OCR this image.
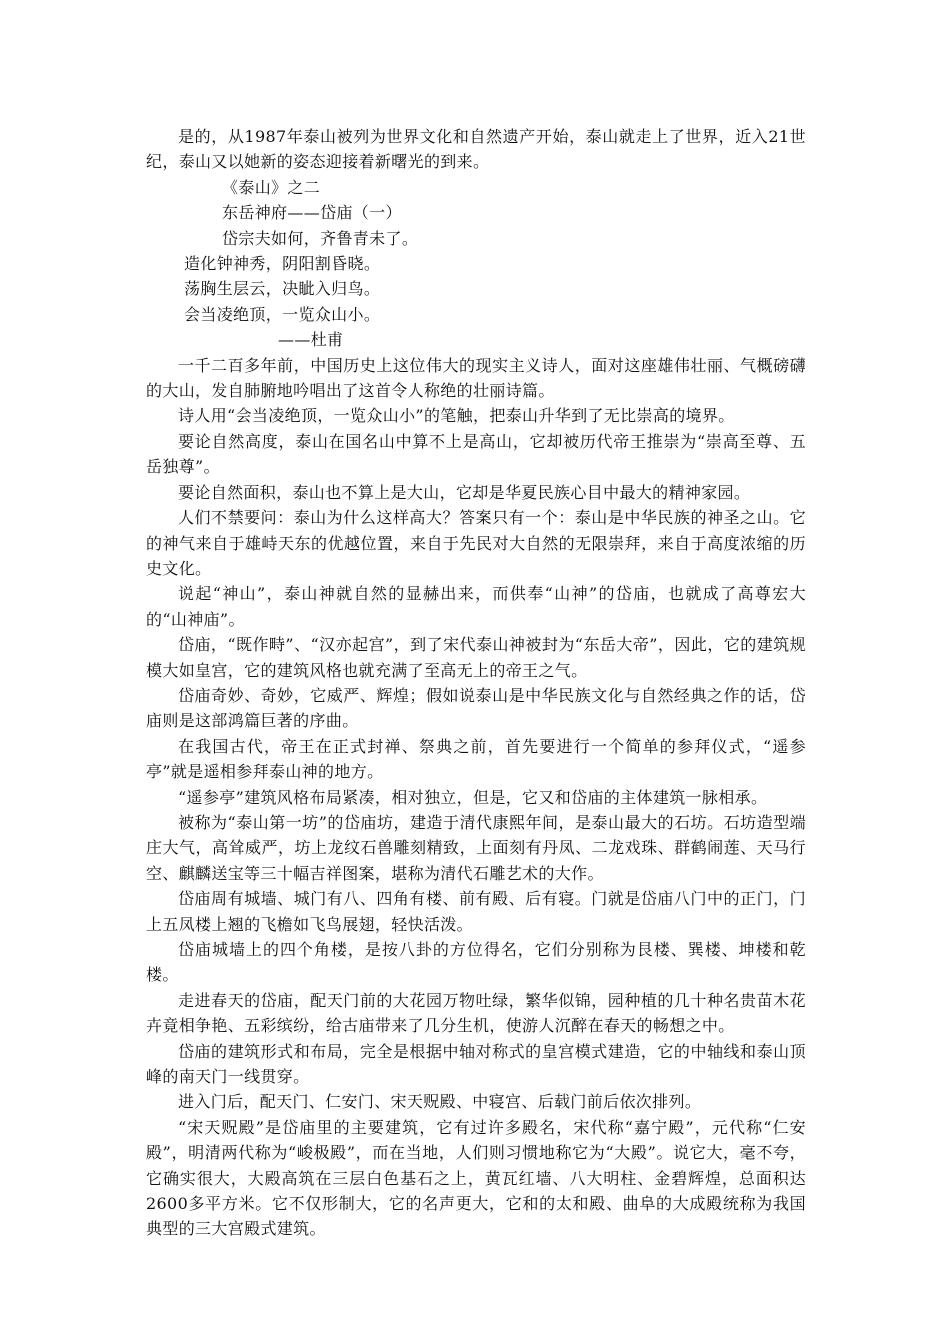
是的，从1987年泰山被列为世界文化和自然遗产开始，泰山就走上了世界，近入21世纪，泰山又以她新的姿态迎接着新曙光的到来。

《泰山》之二

东岳神府——岱庙（一）

岱宗夫如何，齐鲁青未了。

造化钟神秀，阴阳割昏晓。

荡胸生层云，决眦入归鸟。

会当凌绝顶，一览众山小。

——杜甫

一千二百多年前，中国历史上这位伟大的现实主义诗人，面对这座雄伟壮丽、气概磅礴的大山，发自肺腑地吟唱出了这首令人称绝的壮丽诗篇。

诗人用“会当凌绝顶，一览众山小”的笔触，把泰山升华到了无比崇高的境界。

要论自然高度，泰山在国名山中算不上是高山，它却被历代帝王推崇为“崇高至尊、五岳独尊”。

要论自然面积，泰山也不算上是大山，它却是华夏民族心目中最大的精神家园。

人们不禁要问：泰山为什么这样高大？答案只有一个：泰山是中华民族的神圣之山。它的神气来自于雄峙天东的优越位置，来自于先民对大自然的无限崇拜，来自于高度浓缩的历史文化。

说起“神山”，泰山神就自然的显赫出来，而供奉“山神”的岱庙，也就成了高尊宏大的“山神庙”。

岱庙，“既作畤”、“汉亦起宫”，到了宋代泰山神被封为“东岳大帝”，因此，它的建筑规模大如皇宫，它的建筑风格也就充满了至高无上的帝王之气。

岱庙奇妙、奇妙，它威严、辉煌；假如说泰山是中华民族文化与自然经典之作的话，岱庙则是这部鸿篇巨著的序曲。

在我国古代，帝王在正式封禅、祭典之前，首先要进行一个简单的参拜仪式，“遥参亭”就是遥相参拜泰山神的地方。

“遥参亭”建筑风格布局紧凑，相对独立，但是，它又和岱庙的主体建筑一脉相承。

被称为“泰山第一坊”的岱庙坊，建造于清代康熙年间，是泰山最大的石坊。石坊造型端庄大气，高耸威严，坊上龙纹石兽雕刻精致，上面刻有丹凤、二龙戏珠、群鹤闹莲、天马行空、麒麟送宝等三十幅吉祥图案，堪称为清代石雕艺术的大作。

岱庙周有城墙、城门有八、四角有楼、前有殿、后有寝。门就是岱庙八门中的正门，门上五凤楼上翘的飞檐如飞鸟展翅，轻快活泼。

岱庙城墙上的四个角楼，是按八卦的方位得名，它们分别称为艮楼、巽楼、坤楼和乾楼。

走进春天的岱庙，配天门前的大花园万物吐绿，繁华似锦，园种植的几十种名贵苗木花卉竟相争艳、五彩缤纷，给古庙带来了几分生机，使游人沉醉在春天的畅想之中。

岱庙的建筑形式和布局，完全是根据中轴对称式的皇宫模式建造，它的中轴线和泰山顶峰的南天门一线贯穿。

进入门后，配天门、仁安门、宋天贶殿、中寝宫、后载门前后依次排列。

“宋天贶殿”是岱庙里的主要建筑，它有过许多殿名，宋代称“嘉宁殿”，元代称“仁安殿”，明清两代称为“峻极殿”，而在当地，人们则习惯地称它为“大殿”。说它大，毫不夸，它确实很大，大殿高筑在三层白色基石之上，黄瓦红墙、八大明柱、金碧辉煌，总面积达2600多平方米。它不仅形制大，它的名声更大，它和的太和殿、曲阜的大成殿统称为我国典型的三大宫殿式建筑。
